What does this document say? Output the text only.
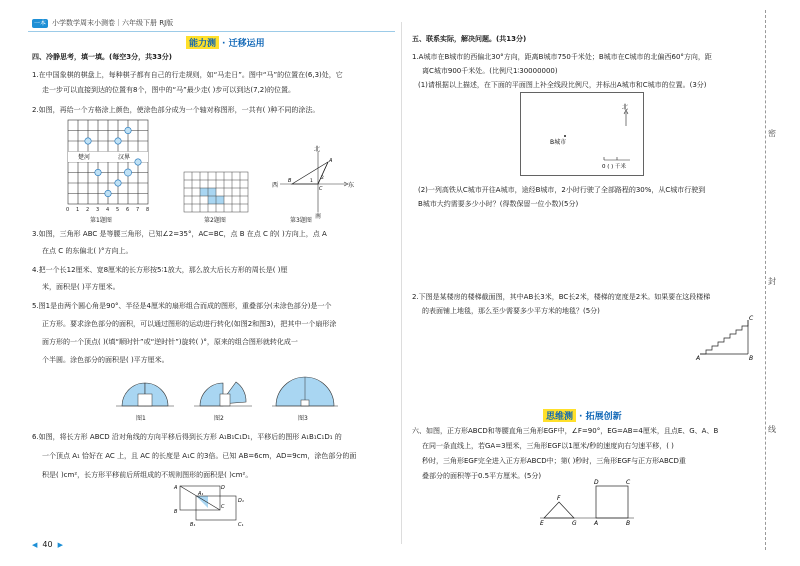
一本 小学数学周末小测卷｜六年级下册 RJ版
能力测 · 迁移运用
四、冷静思考，填一填。(每空3分，共33分)
1.在中国象棋的棋盘上，每种棋子都有自己的行走规则，如“马走日”。图中“马”的位置在(6,3)处，它
走一步可以直接到达的位置有8个，图中的“马”最少走( )步可以到达(7,2)的位置。
2.如图，再给一个方格涂上颜色，使涂色部分成为一个轴对称图形，一共有( )种不同的涂法。
楚河	汉界
0 1 2 3 4 5 6 7 8
第1题图	第2题图
北
南
西	东
A
B
C
1
2
第3题图
3.如图，三角形 ABC 是等腰三角形，已知∠2=35°，AC=BC，点 B 在点 C 的( )方向上，点 A
在点 C 的东偏北( )°方向上。
4.把一个长12厘米、宽8厘米的长方形按5∶1放大，那么放大后长方形的周长是( )厘
米，面积是( )平方厘米。
5.图1是由两个圆心角是90°、半径是4厘米的扇形组合而成的图形，重叠部分(未涂色部分)是一个
正方形。要求涂色部分的面积，可以通过图形的运动进行转化(如图2和图3)，把其中一个扇形涂
面方形的一个顶点( )(填“顺时针”或“逆时针”)旋转( )°，原来的组合图形就转化成一
个半圆。涂色部分的面积是( )平方厘米。
图1	图2	图3
6.如图，将长方形 ABCD 沿对角线的方向平移后得到长方形 A₁B₁C₁D₁，平移后的图形 A₁B₁C₁D₁ 的
一个顶点 A₁ 恰好在 AC 上，且 AC 的长度是 A₁C 的3倍。已知 AB=6cm，AD=9cm，涂色部分的面
积是( )cm²，长方形平移前后所组成的不规则图形的面积是( )cm²。
A
B
C
D
A₁
B₁	C₁
D₁
五、联系实际，解决问题。(共13分)
1.A城市在B城市的西偏北30°方向，距离B城市750千米处；B城市在C城市的北偏西60°方向，距
离C城市900千米处。(比例尺1∶30000000)
(1)请根据以上描述，在下面的平面图上补全线段比例尺，并标出A城市和C城市的位置。(3分)
北
B城市
0 ( ) 千米
(2)一列高铁从C城市开往A城市，途经B城市，2小时行驶了全部路程的30%，从C城市行驶到
B城市大约需要多少小时？(得数保留一位小数)(5分)
2.下图是某楼房的楼梯截面图，其中AB长3米，BC长2米，楼梯的宽度是2米。如果要在这段楼梯
的表面铺上地毯，那么至少需要多少平方米的地毯？(5分)
A	B
C
思维测 · 拓展创新
六、如图，正方形ABCD和等腰直角三角形EGF中，∠F=90°，EG=AB=4厘米，且点E、G、A、B
在同一条直线上，若GA=3厘米，三角形EGF以1厘米/秒的速度向右匀速平移，( )
秒时，三角形EGF完全进入正方形ABCD中；第( )秒时，三角形EGF与正方形ABCD重
叠部分的面积等于0.5平方厘米。(5分)
F
E	G	A	B
C
D
密
封
线
◀ 40 ▶
